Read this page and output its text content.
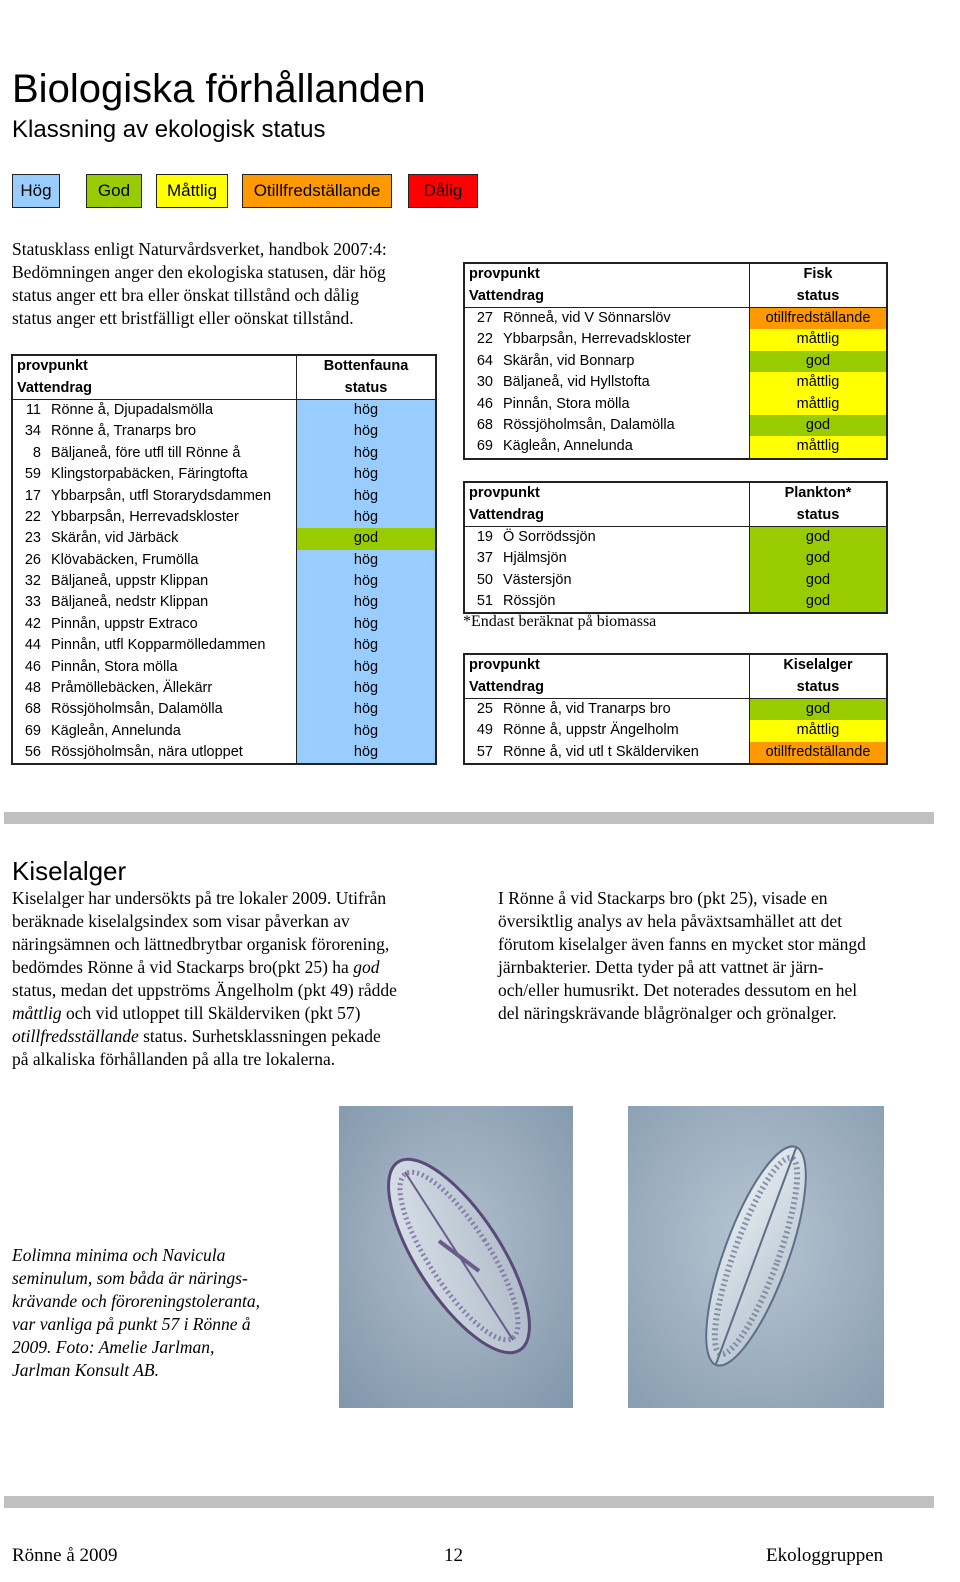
Biologiska förhållanden
Klassning av ekologisk status
Hög	God	Måttlig	Otillfredställande	Dålig
Statusklass enligt Naturvårdsverket, handbok 2007:4:
Bedömningen anger den ekologiska statusen, där hög
status anger ett bra eller önskat tillstånd och dålig
status anger ett bristfälligt eller oönskat tillstånd.
provpunkt		Bottenfauna
Vattendrag		status
11	Rönne å, Djupadalsmölla	hög
34	Rönne å, Tranarps bro	hög
8	Bäljaneå, före utfl till Rönne å	hög
59	Klingstorpabäcken, Färingtofta	hög
17	Ybbarpsån, utfl Storarydsdammen	hög
22	Ybbarpsån, Herrevadskloster	hög
23	Skärån, vid Järbäck	god
26	Klövabäcken, Frumölla	hög
32	Bäljaneå, uppstr Klippan	hög
33	Bäljaneå, nedstr Klippan	hög
42	Pinnån, uppstr Extraco	hög
44	Pinnån, utfl Kopparmölledammen	hög
46	Pinnån, Stora mölla	hög
48	Pråmöllebäcken, Ällekärr	hög
68	Rössjöholmsån, Dalamölla	hög
69	Kägleån, Annelunda	hög
56	Rössjöholmsån, nära utloppet	hög
provpunkt		Fisk
Vattendrag		status
27	Rönneå, vid V Sönnarslöv	otillfredställande
22	Ybbarpsån, Herrevadskloster	måttlig
64	Skärån, vid Bonnarp	god
30	Bäljaneå, vid Hyllstofta	måttlig
46	Pinnån, Stora mölla	måttlig
68	Rössjöholmsån, Dalamölla	god
69	Kägleån, Annelunda	måttlig
provpunkt		Plankton*
Vattendrag		status
19	Ö Sorrödssjön	god
37	Hjälmsjön	god
50	Västersjön	god
51	Rössjön	god
*Endast beräknat på biomassa
provpunkt		Kiselalger
Vattendrag		status
25	Rönne å, vid Tranarps bro	god
49	Rönne å, uppstr Ängelholm	måttlig
57	Rönne å, vid utl t Skälderviken	otillfredställande
Kiselalger
Kiselalger har undersökts på tre lokaler 2009. Utifrån
beräknade kiselalgsindex som visar påverkan av
näringsämnen och lättnedbrytbar organisk förorening,
bedömdes Rönne å vid Stackarps bro(pkt 25) ha god
status, medan det uppströms Ängelholm (pkt 49) rådde
måttlig och vid utloppet till Skälderviken (pkt 57)
otillfredsställande status. Surhetsklassningen pekade
på alkaliska förhållanden på alla tre lokalerna.
I Rönne å vid Stackarps bro (pkt 25), visade en
översiktlig analys av hela påväxtsamhället att det
förutom kiselalger även fanns en mycket stor mängd
järnbakterier. Detta tyder på att vattnet är järn-
och/eller humusrikt. Det noterades dessutom en hel
del näringskrävande blågrönalger och grönalger.
Eolimna minima och Navicula
seminulum, som båda är närings-
krävande och föroreningstoleranta,
var vanliga på punkt 57 i Rönne å
2009. Foto: Amelie Jarlman,
Jarlman Konsult AB.
Rönne å 2009	12	Ekologgruppen
